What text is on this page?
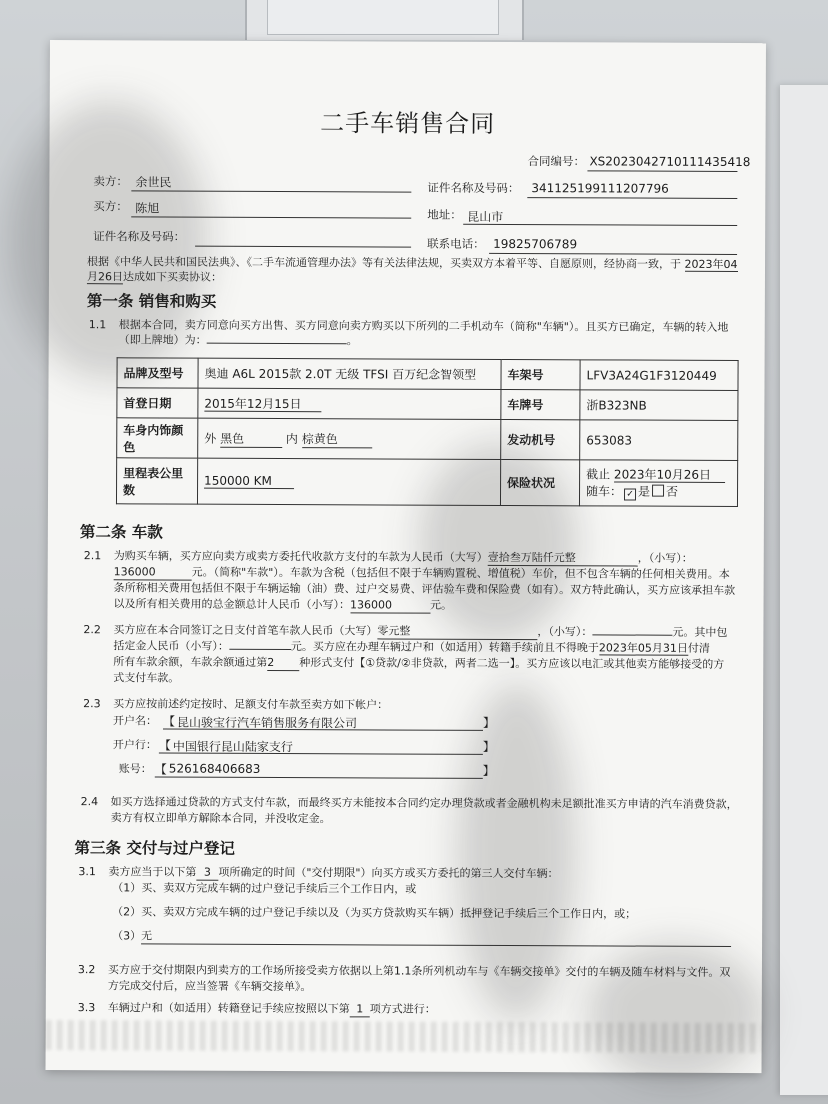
二手车销售合同
合同编号： XS2023042710111435418
卖方： 余世民	证件名称及号码： 341125199111207796
买方： 陈旭	地址： 昆山市
证件名称及号码：
联系电话： 19825706789
根据《中华人民共和国民法典》、《二手车流通管理办法》等有关法律法规，买卖双方本着平等、自愿原则，经协商一致，于 2023年04
月26日达成如下买卖协议：
第一条 销售和购买
1.1 根据本合同，卖方同意向买方出售、买方同意向卖方购买以下所列的二手机动车（简称"车辆"）。且买方已确定，车辆的转入地
（即上牌地）为：	。
品牌及型号	奥迪 A6L 2015款 2.0T 无级 TFSI 百万纪念智领型	车架号	LFV3A24G1F3120449
首登日期	2015年12月15日	车牌号	浙B323NB
车身内饰颜色	外 黑色 内 棕黄色	发动机号	653083
里程表公里数	150000 KM	保险状况	截止 2023年10月26日
随车： ✓ 是 否
第二条 车款
2.1 为购买车辆，买方应向卖方或卖方委托代收款方支付的车款为人民币（大写）壹拾叁万陆仟元整	，（小写）：
136000	元。（简称"车款"）。车款为含税（包括但不限于车辆购置税、增值税）车价，但不包含车辆的任何相关费用。本
条所称相关费用包括但不限于车辆运输（油）费、过户交易费、评估验车费和保险费（如有）。双方特此确认，买方应该承担车款
以及所有相关费用的总金额总计人民币（小写）：136000	元。
2.2 买方应在本合同签订之日支付首笔车款人民币（大写）零元整	，（小写）：	元。其中包
括定金人民币（小写）：	元。买方应在办理车辆过户和（如适用）转籍手续前且不得晚于2023年05月31日付清
所有车款余额，车款余额通过第2 种形式支付【①贷款/②非贷款，两者二选一】。买方应该以电汇或其他卖方能够接受的方
式支付车款。
2.3 买方应按前述约定按时、足额支付车款至卖方如下帐户：
开户名： 【 昆山骏宝行汽车销售服务有限公司	】
开户行： 【 中国银行昆山陆家支行	】
账号： 【 526168406683	】
2.4 如买方选择通过贷款的方式支付车款，而最终买方未能按本合同约定办理贷款或者金融机构未足额批准买方申请的汽车消费贷款，
卖方有权立即单方解除本合同，并没收定金。
第三条 交付与过户登记
3.1 卖方应当于以下第 3 项所确定的时间（"交付期限"）向买方或买方委托的第三人交付车辆：
（1）买、卖双方完成车辆的过户登记手续后三个工作日内，或
（2）买、卖双方完成车辆的过户登记手续以及（为买方贷款购买车辆）抵押登记手续后三个工作日内，或；
（3）无
3.2 买方应于交付期限内到卖方的工作场所接受卖方依据以上第1.1条所列机动车与《车辆交接单》交付的车辆及随车材料与文件。双
方完成交付后，应当签署《车辆交接单》。
3.3 车辆过户和（如适用）转籍登记手续应按照以下第 1 项方式进行：
